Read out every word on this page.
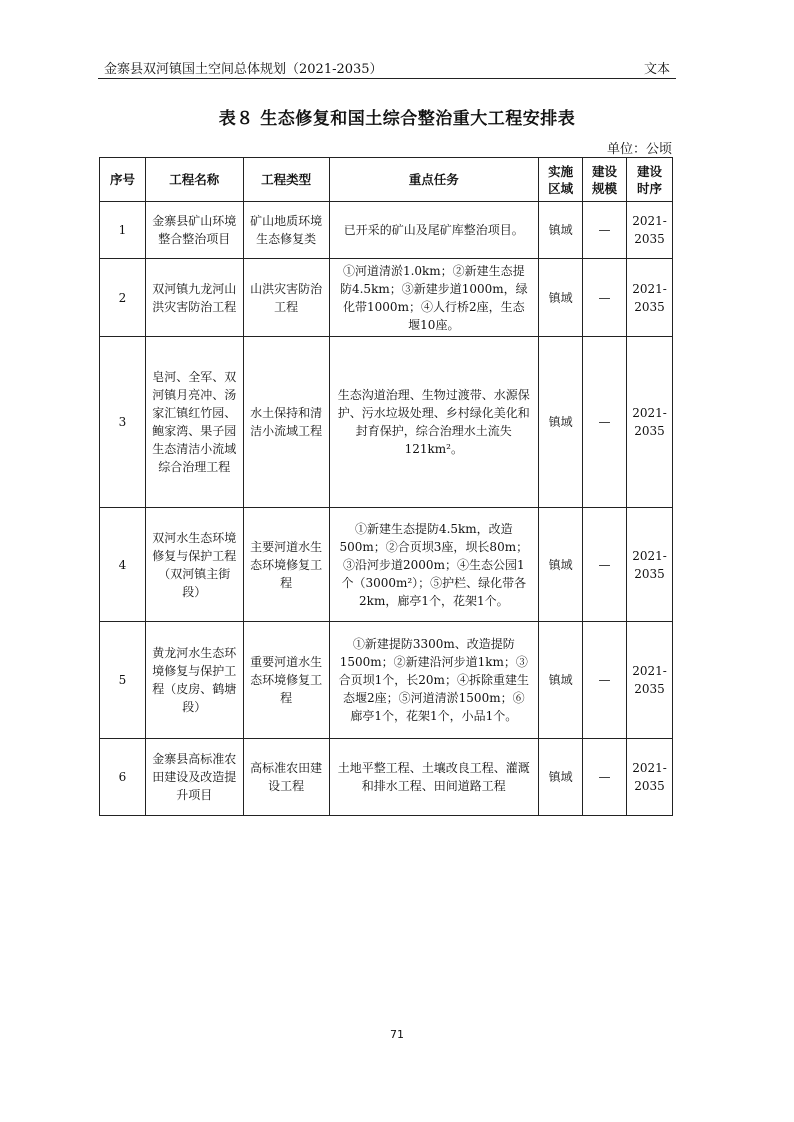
金寨县双河镇国土空间总体规划（2021-2035）	文本
表８ 生态修复和国土综合整治重大工程安排表
单位：公顷
序号	工程名称	工程类型	重点任务	实施区域	建设规模	建设时序
1	金寨县矿山环境整合整治项目	矿山地质环境生态修复类	已开采的矿山及尾矿库整治项目。	镇域	—	2021-2035
2	双河镇九龙河山洪灾害防治工程	山洪灾害防治工程	①河道清淤1.0km；②新建生态提防4.5km；③新建步道1000m，绿化带1000m；④人行桥2座，生态堰10座。	镇域	—	2021-2035
3	皂河、全军、双河镇月亮冲、汤家汇镇红竹园、鲍家湾、果子园生态清洁小流域综合治理工程	水土保持和清洁小流域工程	生态沟道治理、生物过渡带、水源保护、污水垃圾处理、乡村绿化美化和封育保护，综合治理水土流失121km²。	镇域	—	2021-2035
4	双河水生态环境修复与保护工程（双河镇主街段）	主要河道水生态环境修复工程	①新建生态提防4.5km，改造500m；②合页坝3座，坝长80m；③沿河步道2000m；④生态公园1个（3000m²）；⑤护栏、绿化带各2km，廊亭1个，花架1个。	镇域	—	2021-2035
5	黄龙河水生态环境修复与保护工程（皮房、鹤塘段）	重要河道水生态环境修复工程	①新建提防3300m、改造提防1500m；②新建沿河步道1km；③合页坝1个，长20m；④拆除重建生态堰2座；⑤河道清淤1500m；⑥廊亭1个，花架1个，小品1个。	镇域	—	2021-2035
6	金寨县高标准农田建设及改造提升项目	高标准农田建设工程	土地平整工程、土壤改良工程、灌溉和排水工程、田间道路工程	镇域	—	2021-2035
71
